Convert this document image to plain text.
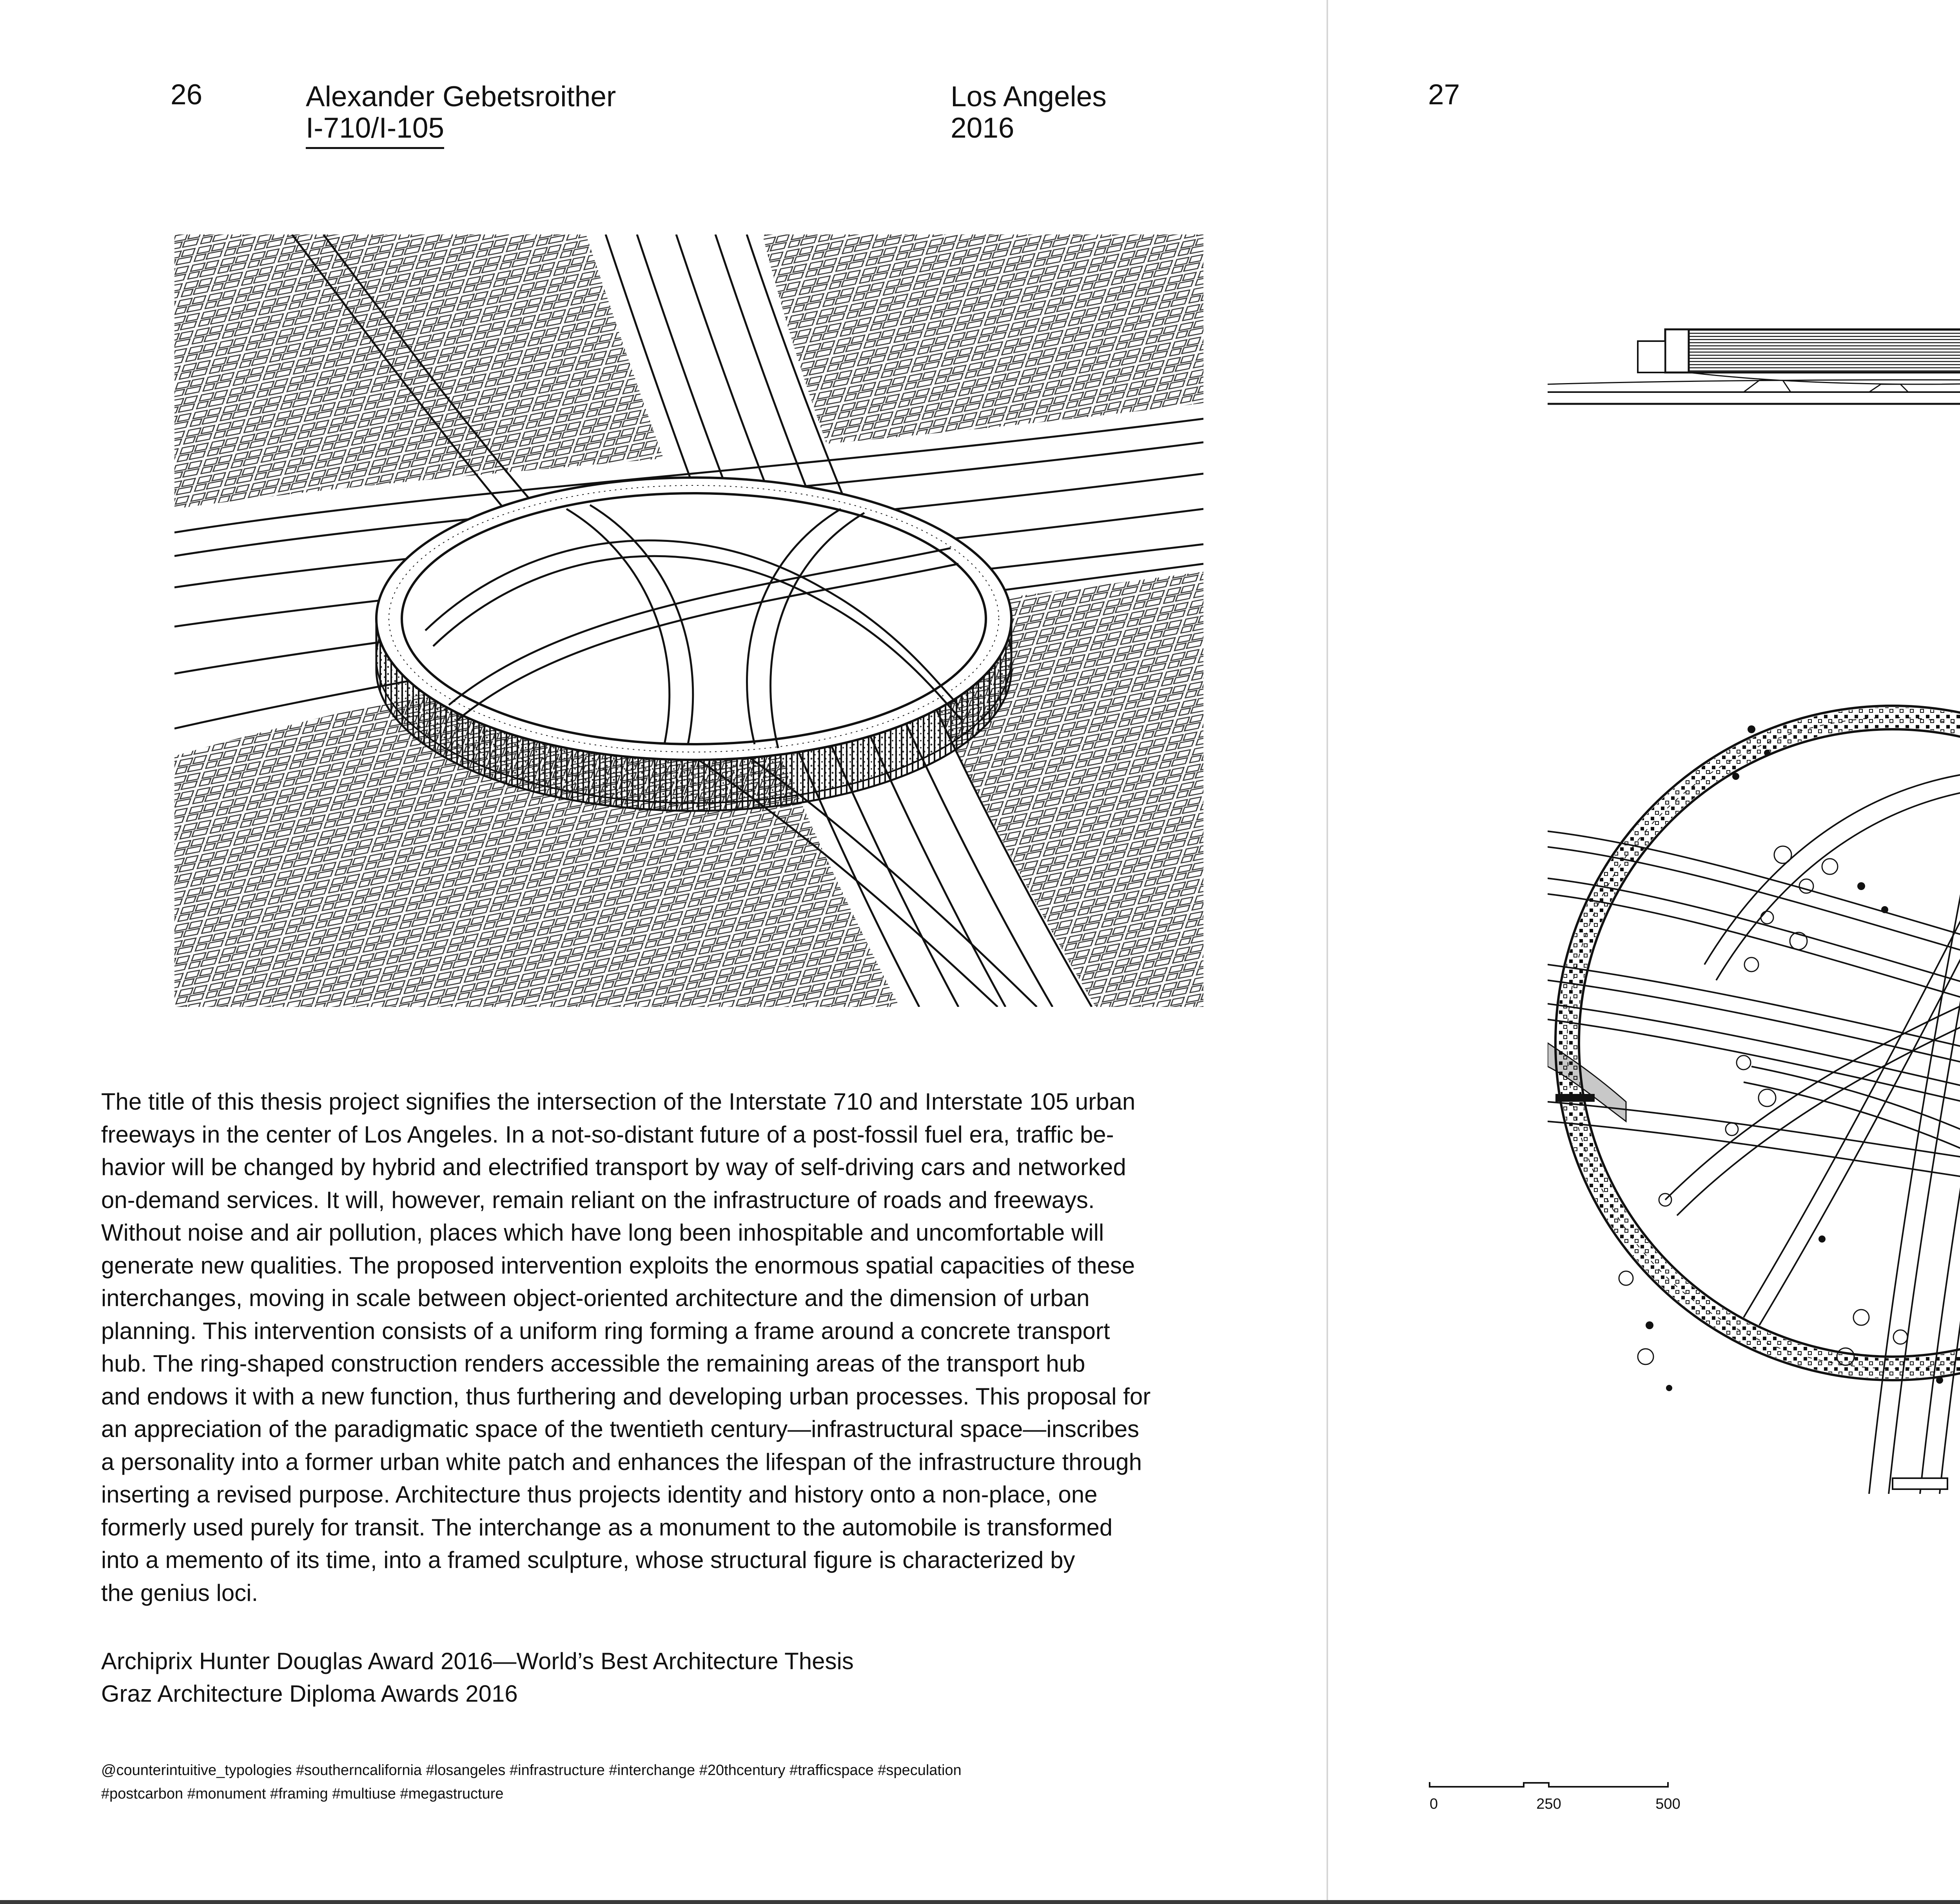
26	Alexander Gebetsroither
I-710/I-105
Los Angeles
2016
The title of this thesis project signifies the intersection of the Interstate 710 and Interstate 105 urban
freeways in the center of Los Angeles. In a not-so-distant future of a post-fossil fuel era, traffic be-
havior will be changed by hybrid and electrified transport by way of self-driving cars and networked
on-demand services. It will, however, remain reliant on the infrastructure of roads and freeways.
Without noise and air pollution, places which have long been inhospitable and uncomfortable will
generate new qualities. The proposed intervention exploits the enormous spatial capacities of these
interchanges, moving in scale between object-oriented architecture and the dimension of urban
planning. This intervention consists of a uniform ring forming a frame around a concrete transport
hub. The ring-shaped construction renders accessible the remaining areas of the transport hub
and endows it with a new function, thus furthering and developing urban processes. This proposal for
an appreciation of the paradigmatic space of the twentieth century—infrastructural space—inscribes
a personality into a former urban white patch and enhances the lifespan of the infrastructure through
inserting a revised purpose. Architecture thus projects identity and history onto a non-place, one
formerly used purely for transit. The interchange as a monument to the automobile is transformed
into a memento of its time, into a framed sculpture, whose structural figure is characterized by
the genius loci.
Archiprix Hunter Douglas Award 2016—World’s Best Architecture Thesis
Graz Architecture Diploma Awards 2016
@counterintuitive_typologies #southerncalifornia #losangeles #infrastructure #interchange #20thcentury #trafficspace #speculation
#postcarbon #monument #framing #multiuse #megastructure
27
0	250	500
